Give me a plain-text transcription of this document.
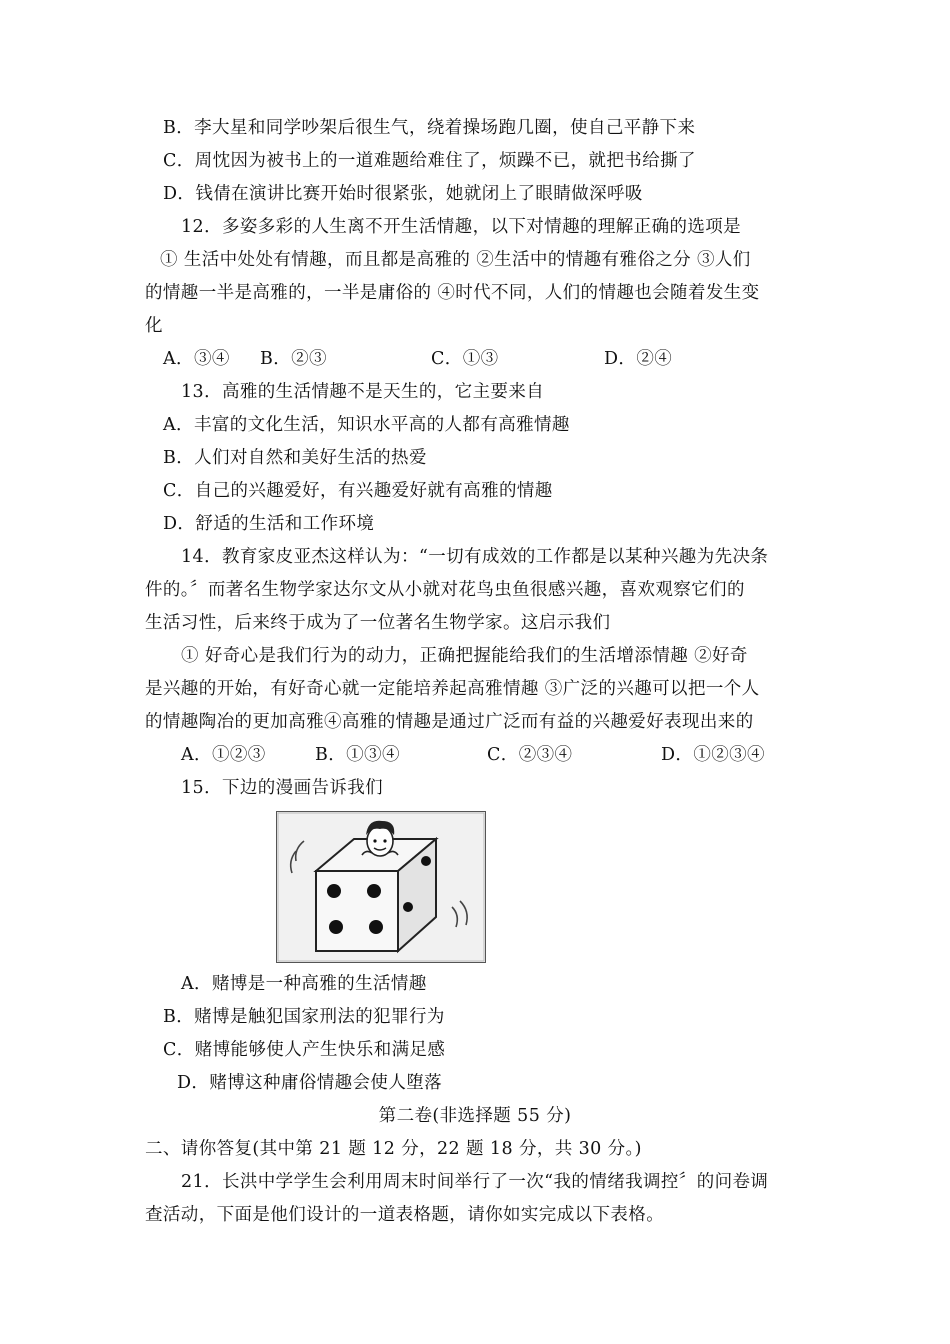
B．李大星和同学吵架后很生气，绕着操场跑几圈，使自己平静下来
C．周忱因为被书上的一道难题给难住了，烦躁不已，就把书给撕了
D．钱倩在演讲比赛开始时很紧张，她就闭上了眼睛做深呼吸
12．多姿多彩的人生离不开生活情趣，以下对情趣的理解正确的选项是
① 生活中处处有情趣，而且都是高雅的 ②生活中的情趣有雅俗之分 ③人们
的情趣一半是高雅的，一半是庸俗的 ④时代不同，人们的情趣也会随着发生变
化
A．③④ B．②③	C．①③	D．②④
13．高雅的生活情趣不是天生的，它主要来自
A．丰富的文化生活，知识水平高的人都有高雅情趣
B．人们对自然和美好生活的热爱
C．自己的兴趣爱好，有兴趣爱好就有高雅的情趣
D．舒适的生活和工作环境
14．教育家皮亚杰这样认为：“一切有成效的工作都是以某种兴趣为先决条
件的。〞而著名生物学家达尔文从小就对花鸟虫鱼很感兴趣，喜欢观察它们的
生活习性，后来终于成为了一位著名生物学家。这启示我们
① 好奇心是我们行为的动力，正确把握能给我们的生活增添情趣 ②好奇
是兴趣的开始，有好奇心就一定能培养起高雅情趣 ③广泛的兴趣可以把一个人
的情趣陶冶的更加高雅④高雅的情趣是通过广泛而有益的兴趣爱好表现出来的
A．①②③	B．①③④	C．②③④	D．①②③④
15．下边的漫画告诉我们
A．赌博是一种高雅的生活情趣
B．赌博是触犯国家刑法的犯罪行为
C．赌博能够使人产生快乐和满足感
D．赌博这种庸俗情趣会使人堕落
第二卷(非选择题 55 分)
二、请你答复(其中第 21 题 12 分，22 题 18 分，共 30 分。)
21．长洪中学学生会利用周末时间举行了一次“我的情绪我调控〞的问卷调
查活动，下面是他们设计的一道表格题，请你如实完成以下表格。
